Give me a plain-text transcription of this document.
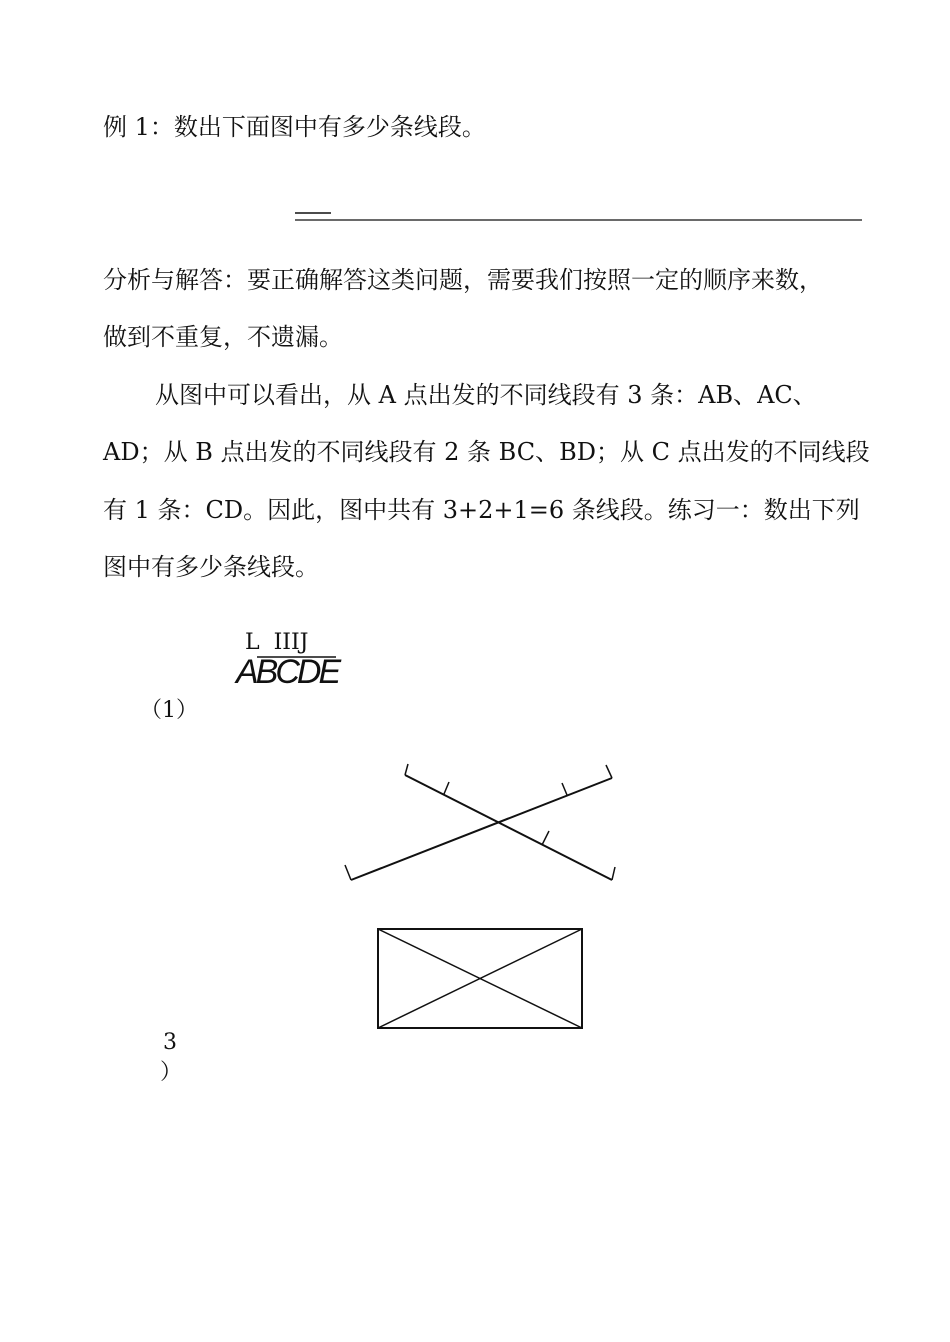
例 1：数出下面图中有多少条线段。

分析与解答：要正确解答这类问题，需要我们按照一定的顺序来数，

做到不重复，不遗漏。

从图中可以看出，从 A 点出发的不同线段有 3 条：AB、AC、

AD；从 B 点出发的不同线段有 2 条 BC、BD；从 C 点出发的不同线段

有 1 条：CD。因此，图中共有 3+2+1=6 条线段。练习一：数出下列

图中有多少条线段。

L  IIIJ

ABCDE

（1）

3

）
